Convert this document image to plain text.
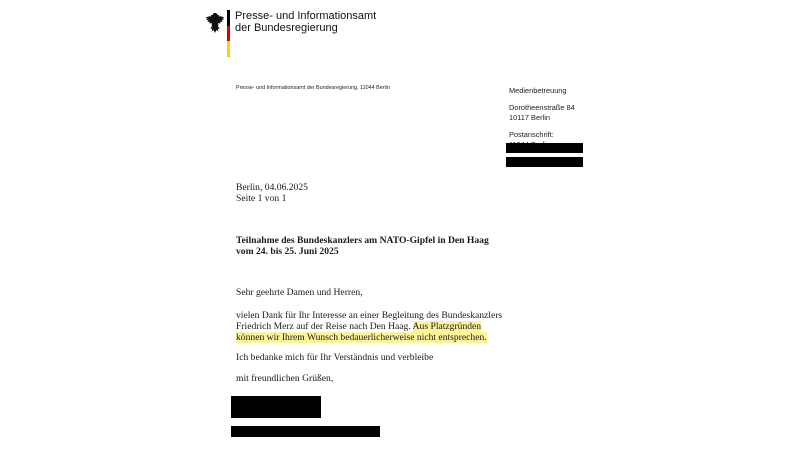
Presse- und Informationsamt
der Bundesregierung
Presse- und Informationsamt der Bundesregierung, 11044 Berlin	Medienbetreuung
Dorotheenstraße 84
10117 Berlin
Postanschrift:
Berlin, 04.06.2025
Seite 1 von 1
Teilnahme des Bundeskanzlers am NATO-Gipfel in Den Haag
vom 24. bis 25. Juni 2025
Sehr geehrte Damen und Herren,
vielen Dank für Ihr Interesse an einer Begleitung des Bundeskanzlers
Friedrich Merz auf der Reise nach Den Haag. Aus Platzgründen
können wir Ihrem Wunsch bedauerlicherweise nicht entsprechen.
Ich bedanke mich für Ihr Verständnis und verbleibe
mit freundlichen Grüßen,
